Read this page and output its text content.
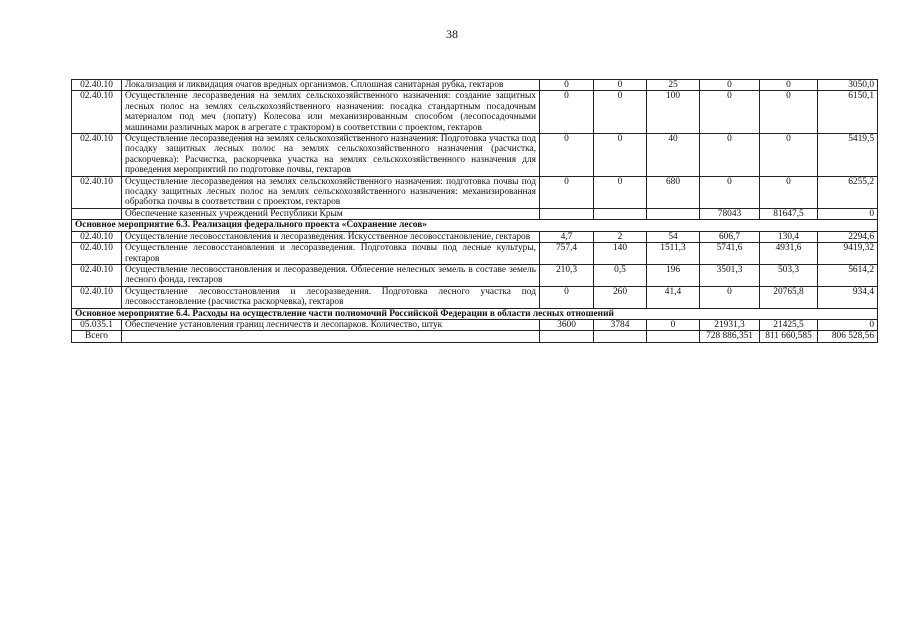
38
02.40.10	Локализация и ликвидация очагов вредных организмов. Сплошная санитарная рубка, гектаров	0	0	25	0	0	3050,0
02.40.10	Осуществление лесоразведения на землях сельскохозяйственного назначения: создание защитных лесных полос на землях сельскохозяйственного назначения: посадка стандартным посадочным материалом под меч (лопату) Колесова или механизированным способом (лесопосадочными машинами различных марок в агрегате с трактором) в соответствии с проектом, гектаров	0	0	100	0	0	6150,1
02.40.10	Осуществление лесоразведения на землях сельскохозяйственного назначения: Подготовка участка под посадку защитных лесных полос на землях сельскохозяйственного назначения (расчистка, раскорчевка): Расчистка, раскорчевка участка на землях сельскохозяйственного назначения для проведения мероприятий по подготовке почвы, гектаров	0	0	40	0	0	5419,5
02.40.10	Осуществление лесоразведения на землях сельскохозяйственного назначения: подготовка почвы под посадку защитных лесных полос на землях сельскохозяйственного назначения: механизированная обработка почвы в соответствии с проектом, гектаров	0	0	680	0	0	6255,2
	Обеспечение казенных учреждений Республики Крым				78043	81647,5	0
Основное мероприятие 6.3. Реализация федерального проекта «Сохранение лесов»							
02.40.10	Осуществление лесовосстановления и лесоразведения. Искусственное лесовосстановление, гектаров	4,7	2	54	606,7	130,4	2294,6
02.40.10	Осуществление лесовосстановления и лесоразведения. Подготовка почвы под лесные культуры, гектаров	757,4	140	1511,3	5741,6	4931,6	9419,32
02.40.10	Осуществление лесовосстановления и лесоразведения. Облесение нелесных земель в составе земель лесного фонда, гектаров	210,3	0,5	196	3501,3	503,3	5614,2
02.40.10	Осуществление лесовосстановления и лесоразведения. Подготовка лесного участка под лесовосстановление (расчистка раскорчевка), гектаров	0	260	41,4	0	20765,8	934,4
Основное мероприятие 6.4. Расходы на осуществление части полномочий Российской Федерации в области лесных отношений							
05.035.1	Обеспечение установления границ лесничеств и лесопарков. Количество, штук	3600	3784	0	21931,3	21425,5	0
Всего					728 886,351	811 660,585	806 528,56
